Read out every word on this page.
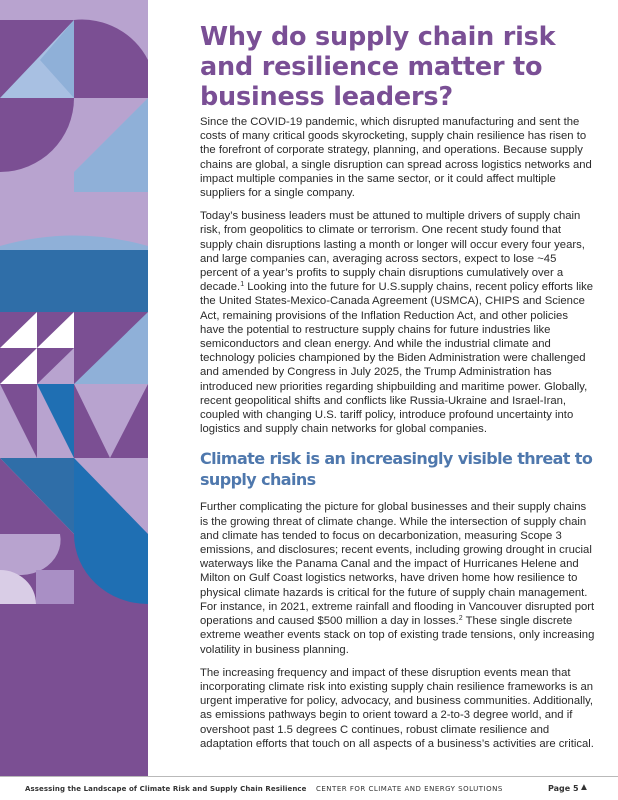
Why do supply chain risk and resilience matter to business leaders?

Since the COVID-19 pandemic, which disrupted manufacturing and sent the costs of many critical goods skyrocketing, supply chain resilience has risen to the forefront of corporate strategy, planning, and operations. Because supply chains are global, a single disruption can spread across logistics networks and impact multiple companies in the same sector, or it could affect multiple suppliers for a single company.

Today’s business leaders must be attuned to multiple drivers of supply chain risk, from geopolitics to climate or terrorism. One recent study found that supply chain disruptions lasting a month or longer will occur every four years, and large companies can, averaging across sectors, expect to lose ~45 percent of a year’s profits to supply chain disruptions cumulatively over a decade.$^1$ Looking into the future for U.S.supply chains, recent policy efforts like the United States-Mexico-Canada Agreement (USMCA), CHIPS and Science Act, remaining provisions of the Inflation Reduction Act, and other policies have the potential to restructure supply chains for future industries like semiconductors and clean energy. And while the industrial climate and technology policies championed by the Biden Administration were challenged and amended by Congress in July 2025, the Trump Administration has introduced new priorities regarding shipbuilding and maritime power. Globally, recent geopolitical shifts and conflicts like Russia-Ukraine and Israel-Iran, coupled with changing U.S. tariff policy, introduce profound uncertainty into logistics and supply chain networks for global companies.

Climate risk is an increasingly visible threat to supply chains

Further complicating the picture for global businesses and their supply chains is the growing threat of climate change. While the intersection of supply chain and climate has tended to focus on decarbonization, measuring Scope 3 emissions, and disclosures; recent events, including growing drought in crucial waterways like the Panama Canal and the impact of Hurricanes Helene and Milton on Gulf Coast logistics networks, have driven home how resilience to physical climate hazards is critical for the future of supply chain management. For instance, in 2021, extreme rainfall and flooding in Vancouver disrupted port operations and caused $500 million a day in losses.$^2$ These single discrete extreme weather events stack on top of existing trade tensions, only increasing volatility in business planning.

The increasing frequency and impact of these disruption events mean that incorporating climate risk into existing supply chain resilience frameworks is an urgent imperative for policy, advocacy, and business communities. Additionally, as emissions pathways begin to orient toward a 2-to-3 degree world, and if overshoot past 1.5 degrees C continues, robust climate resilience and adaptation efforts that touch on all aspects of a business’s activities are critical.

Assessing the Landscape of Climate Risk and Supply Chain Resilience CENTER FOR CLIMATE AND ENERGY SOLUTIONS	Page 5 ▲
